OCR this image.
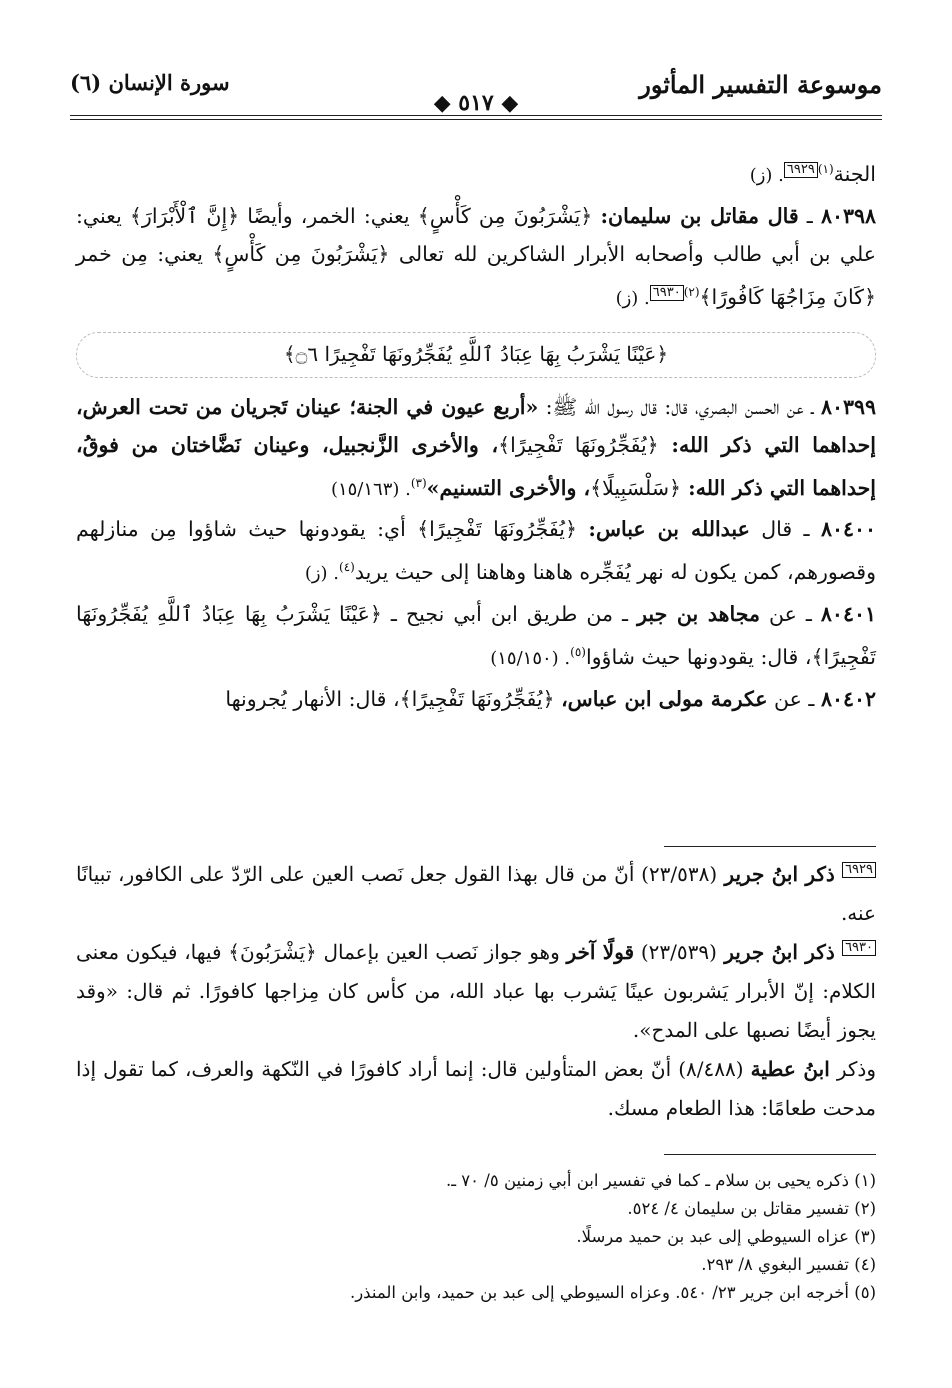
موسوعة التفسير المأثور
سورة الإنسان (٦)
◆ ٥١٧ ◆

الجنة$^{(١)}$٦٩٢٩. (ز)

٨٠٣٩٨ ـ قال مقاتل بن سليمان: ﴿يَشْرَبُونَ مِن كَأْسٍ﴾ يعني: الخمر، وأيضًا ﴿إِنَّ ٱلْأَبْرَارَ﴾ يعني: علي بن أبي طالب وأصحابه الأبرار الشاكرين لله تعالى ﴿يَشْرَبُونَ مِن كَأْسٍ﴾ يعني: مِن خمر ﴿كَانَ مِزَاجُهَا كَافُورًا﴾$^{(٢)}$٦٩٣٠. (ز)

﴿عَيْنًا يَشْرَبُ بِهَا عِبَادُ ٱللَّهِ يُفَجِّرُونَهَا تَفْجِيرًا ۝٦﴾

٨٠٣٩٩ ـ عن الحسن البصري، قال: قال رسول الله ﷺ: «أربع عيون في الجنة؛ عينان تَجريان من تحت العرش، إحداهما التي ذكر الله: ﴿يُفَجِّرُونَهَا تَفْجِيرًا﴾، والأخرى الزَّنجبيل، وعينان نَضَّاختان من فوقُ، إحداهما التي ذكر الله: ﴿سَلْسَبِيلًا﴾، والأخرى التسنيم»$^{(٣)}$. (١٥/١٦٣)

٨٠٤٠٠ ـ قال عبدالله بن عباس: ﴿يُفَجِّرُونَهَا تَفْجِيرًا﴾ أي: يقودونها حيث شاؤوا مِن منازلهم وقصورهم، كمن يكون له نهر يُفَجِّره هاهنا وهاهنا إلى حيث يريد$^{(٤)}$. (ز)

٨٠٤٠١ ـ عن مجاهد بن جبر ـ من طريق ابن أبي نجيح ـ ﴿عَيْنًا يَشْرَبُ بِهَا عِبَادُ ٱللَّهِ يُفَجِّرُونَهَا تَفْجِيرًا﴾، قال: يقودونها حيث شاؤوا$^{(٥)}$. (١٥/١٥٠)

٨٠٤٠٢ ـ عن عكرمة مولى ابن عباس، ﴿يُفَجِّرُونَهَا تَفْجِيرًا﴾، قال: الأنهار يُجرونها

٦٩٢٩ ذكر ابنُ جرير (٢٣/٥٣٨) أنّ من قال بهذا القول جعل نَصب العين على الرّدّ على الكافور، تبيانًا عنه.

٦٩٣٠ ذكر ابنُ جرير (٢٣/٥٣٩) قولًا آخر وهو جواز نَصب العين بإعمال ﴿يَشْرَبُونَ﴾ فيها، فيكون معنى الكلام: إنّ الأبرار يَشربون عينًا يَشرب بها عباد الله، من كأس كان مِزاجها كافورًا. ثم قال: «وقد يجوز أيضًا نصبها على المدح».

وذكر ابنُ عطية (٨/٤٨٨) أنّ بعض المتأولين قال: إنما أراد كافورًا في النّكهة والعرف، كما تقول إذا مدحت طعامًا: هذا الطعام مسك.

(١) ذكره يحيى بن سلام ـ كما في تفسير ابن أبي زمنين ٥/ ٧٠ ـ.

(٢) تفسير مقاتل بن سليمان ٤/ ٥٢٤.

(٣) عزاه السيوطي إلى عبد بن حميد مرسلًا.

(٤) تفسير البغوي ٨/ ٢٩٣.

(٥) أخرجه ابن جرير ٢٣/ ٥٤٠. وعزاه السيوطي إلى عبد بن حميد، وابن المنذر.
